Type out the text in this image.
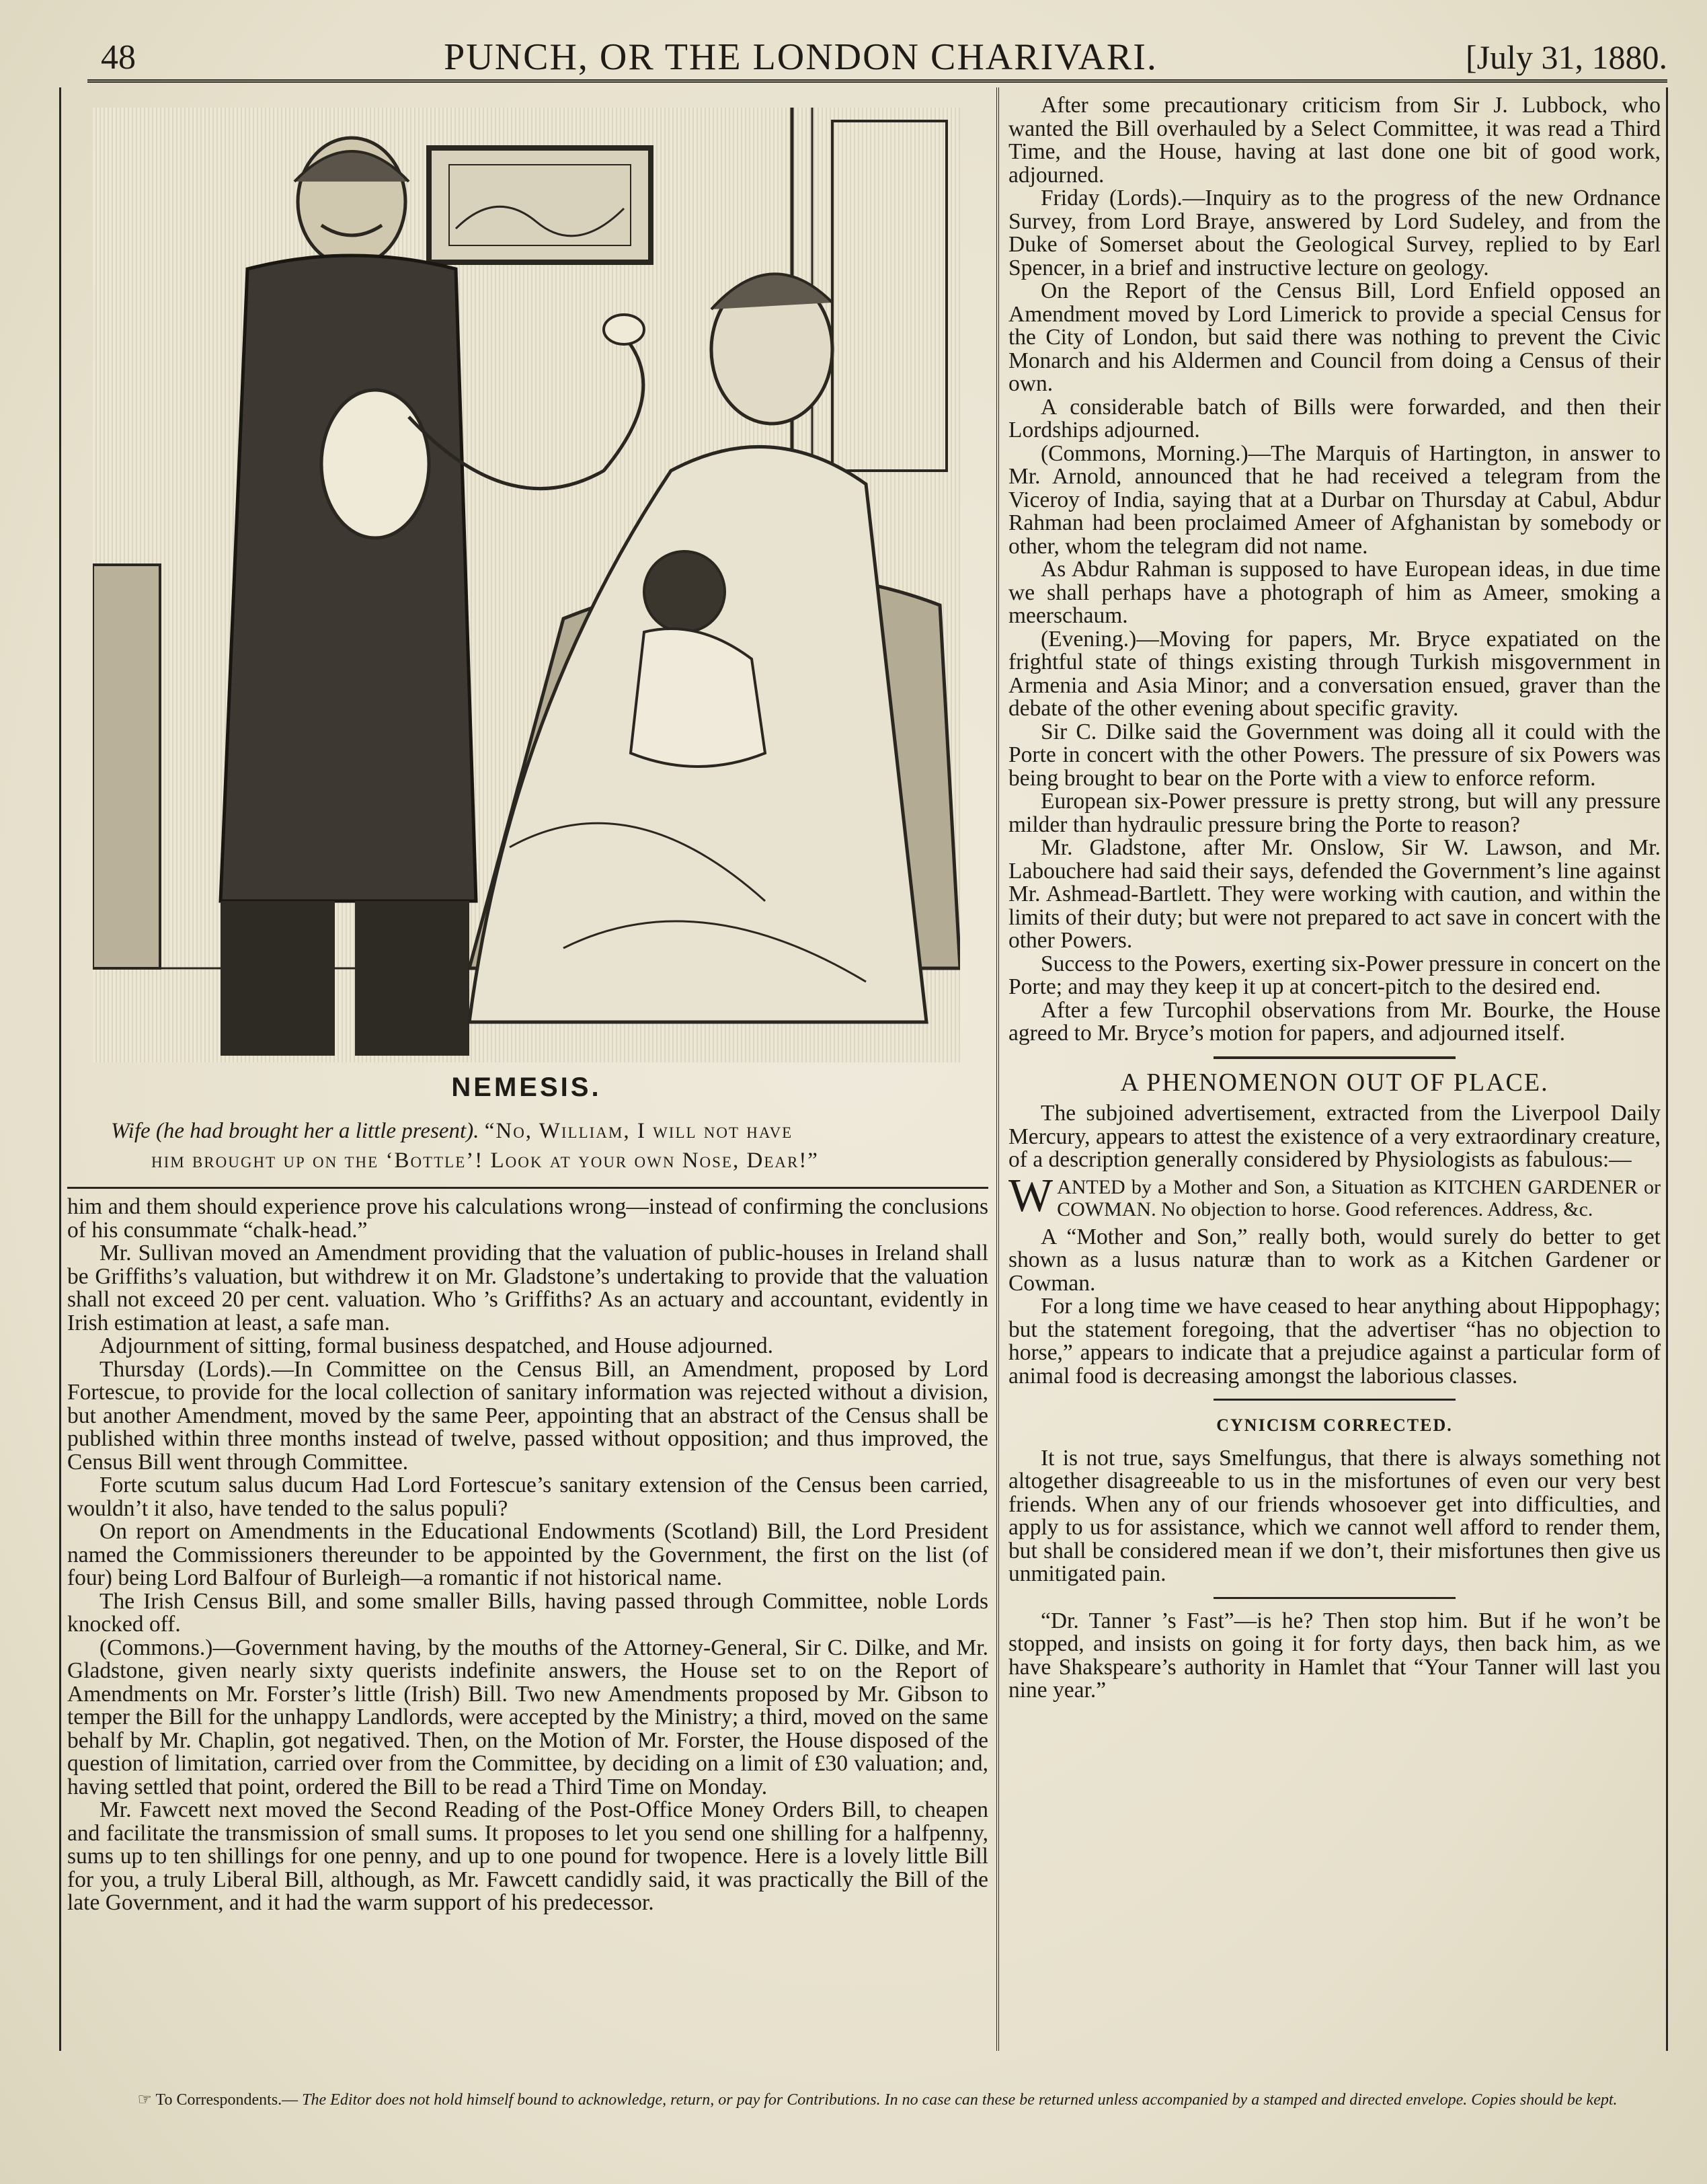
48	PUNCH, OR THE LONDON CHARIVARI.	[July 31, 1880.
NEMESIS.
Wife (he had brought her a little present). “No, William, I will not have
him brought up on the ‘Bottle’! Look at your own Nose, Dear!”

him and them should experience prove his calculations wrong—instead of confirming the conclusions of his consummate “chalk-head.”

Mr. Sullivan moved an Amendment providing that the valuation of public-houses in Ireland shall be Griffiths’s valuation, but withdrew it on Mr. Gladstone’s undertaking to provide that the valuation shall not exceed 20 per cent. valuation. Who ’s Griffiths? As an actuary and accountant, evidently in Irish estimation at least, a safe man.

Adjournment of sitting, formal business despatched, and House adjourned.

Thursday (Lords).—In Committee on the Census Bill, an Amendment, proposed by Lord Fortescue, to provide for the local collection of sanitary information was rejected without a division, but another Amendment, moved by the same Peer, appointing that an abstract of the Census shall be published within three months instead of twelve, passed without opposition; and thus improved, the Census Bill went through Committee.

Forte scutum salus ducum Had Lord Fortescue’s sanitary extension of the Census been carried, wouldn’t it also, have tended to the salus populi?

On report on Amendments in the Educational Endowments (Scotland) Bill, the Lord President named the Commissioners thereunder to be appointed by the Government, the first on the list (of four) being Lord Balfour of Burleigh—a romantic if not historical name.

The Irish Census Bill, and some smaller Bills, having passed through Committee, noble Lords knocked off.

(Commons.)—Government having, by the mouths of the Attorney-General, Sir C. Dilke, and Mr. Gladstone, given nearly sixty querists indefinite answers, the House set to on the Report of Amendments on Mr. Forster’s little (Irish) Bill. Two new Amendments proposed by Mr. Gibson to temper the Bill for the unhappy Landlords, were accepted by the Ministry; a third, moved on the same behalf by Mr. Chaplin, got negatived. Then, on the Motion of Mr. Forster, the House disposed of the question of limitation, carried over from the Committee, by deciding on a limit of £30 valuation; and, having settled that point, ordered the Bill to be read a Third Time on Monday.

Mr. Fawcett next moved the Second Reading of the Post-Office Money Orders Bill, to cheapen and facilitate the transmission of small sums. It proposes to let you send one shilling for a halfpenny, sums up to ten shillings for one penny, and up to one pound for twopence. Here is a lovely little Bill for you, a truly Liberal Bill, although, as Mr. Fawcett candidly said, it was practically the Bill of the late Government, and it had the warm support of his predecessor.

After some precautionary criticism from Sir J. Lubbock, who wanted the Bill overhauled by a Select Committee, it was read a Third Time, and the House, having at last done one bit of good work, adjourned.

Friday (Lords).—Inquiry as to the progress of the new Ordnance Survey, from Lord Braye, answered by Lord Sudeley, and from the Duke of Somerset about the Geological Survey, replied to by Earl Spencer, in a brief and instructive lecture on geology.

On the Report of the Census Bill, Lord Enfield opposed an Amendment moved by Lord Limerick to provide a special Census for the City of London, but said there was nothing to prevent the Civic Monarch and his Aldermen and Council from doing a Census of their own.

A considerable batch of Bills were forwarded, and then their Lordships adjourned.

(Commons, Morning.)—The Marquis of Hartington, in answer to Mr. Arnold, announced that he had received a telegram from the Viceroy of India, saying that at a Durbar on Thursday at Cabul, Abdur Rahman had been proclaimed Ameer of Afghanistan by somebody or other, whom the telegram did not name.

As Abdur Rahman is supposed to have European ideas, in due time we shall perhaps have a photograph of him as Ameer, smoking a meerschaum.

(Evening.)—Moving for papers, Mr. Bryce expatiated on the frightful state of things existing through Turkish misgovernment in Armenia and Asia Minor; and a conversation ensued, graver than the debate of the other evening about specific gravity.

Sir C. Dilke said the Government was doing all it could with the Porte in concert with the other Powers. The pressure of six Powers was being brought to bear on the Porte with a view to enforce reform.

European six-Power pressure is pretty strong, but will any pressure milder than hydraulic pressure bring the Porte to reason?

Mr. Gladstone, after Mr. Onslow, Sir W. Lawson, and Mr. Labouchere had said their says, defended the Government’s line against Mr. Ashmead-Bartlett. They were working with caution, and within the limits of their duty; but were not prepared to act save in concert with the other Powers.

Success to the Powers, exerting six-Power pressure in concert on the Porte; and may they keep it up at concert-pitch to the desired end.

After a few Turcophil observations from Mr. Bourke, the House agreed to Mr. Bryce’s motion for papers, and adjourned itself.

A PHENOMENON OUT OF PLACE.

The subjoined advertisement, extracted from the Liverpool Daily Mercury, appears to attest the existence of a very extraordinary creature, of a description generally considered by Physiologists as fabulous:—

W ANTED by a Mother and Son, a Situation as KITCHEN GARDENER or COWMAN. No objection to horse. Good references. Address, &c.

A “Mother and Son,” really both, would surely do better to get shown as a lusus naturæ than to work as a Kitchen Gardener or Cowman.

For a long time we have ceased to hear anything about Hippophagy; but the statement foregoing, that the advertiser “has no objection to horse,” appears to indicate that a prejudice against a particular form of animal food is decreasing amongst the laborious classes.

CYNICISM CORRECTED.

It is not true, says Smelfungus, that there is always something not altogether disagreeable to us in the misfortunes of even our very best friends. When any of our friends whosoever get into difficulties, and apply to us for assistance, which we cannot well afford to render them, but shall be considered mean if we don’t, their misfortunes then give us unmitigated pain.

“Dr. Tanner ’s Fast”—is he? Then stop him. But if he won’t be stopped, and insists on going it for forty days, then back him, as we have Shakspeare’s authority in Hamlet that “Your Tanner will last you nine year.”

☞ To Correspondents.— The Editor does not hold himself bound to acknowledge, return, or pay for Contributions. In no case can these be returned unless accompanied by a stamped and directed envelope. Copies should be kept.
